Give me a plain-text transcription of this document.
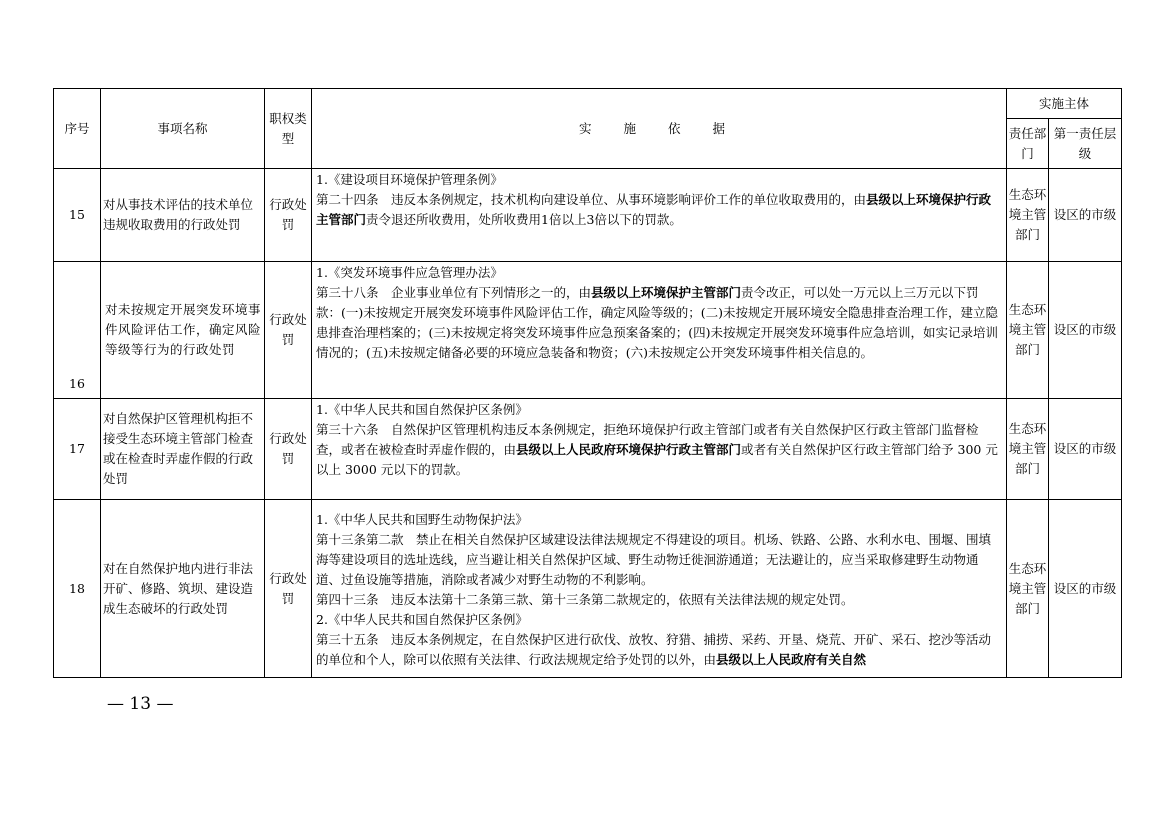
序号	事项名称	职权类型	实 施 依 据	实施主体	
				责任部门	第一责任层级
15	对从事技术评估的技术单位违规收取费用的行政处罚	行政处罚	1.《建设项目环境保护管理条例》
第二十四条　违反本条例规定，技术机构向建设单位、从事环境影响评价工作的单位收取费用的，由县级以上环境保护行政主管部门责令退还所收费用，处所收费用1倍以上3倍以下的罚款。	生态环境主管部门	设区的市级
16	对未按规定开展突发环境事件风险评估工作，确定风险等级等行为的行政处罚	行政处罚	1.《突发环境事件应急管理办法》
第三十八条　企业事业单位有下列情形之一的，由县级以上环境保护主管部门责令改正，可以处一万元以上三万元以下罚款：(一)未按规定开展突发环境事件风险评估工作，确定风险等级的；(二)未按规定开展环境安全隐患排查治理工作，建立隐患排查治理档案的；(三)未按规定将突发环境事件应急预案备案的；(四)未按规定开展突发环境事件应急培训，如实记录培训情况的；(五)未按规定储备必要的环境应急装备和物资；(六)未按规定公开突发环境事件相关信息的。	生态环境主管部门	设区的市级
17	对自然保护区管理机构拒不接受生态环境主管部门检查或在检查时弄虚作假的行政处罚	行政处罚	1.《中华人民共和国自然保护区条例》
第三十六条　自然保护区管理机构违反本条例规定，拒绝环境保护行政主管部门或者有关自然保护区行政主管部门监督检查，或者在被检查时弄虚作假的，由县级以上人民政府环境保护行政主管部门或者有关自然保护区行政主管部门给予 300 元以上 3000 元以下的罚款。	生态环境主管部门	设区的市级
18	对在自然保护地内进行非法开矿、修路、筑坝、建设造成生态破坏的行政处罚	行政处罚	1.《中华人民共和国野生动物保护法》
第十三条第二款　禁止在相关自然保护区域建设法律法规规定不得建设的项目。机场、铁路、公路、水利水电、围堰、围填海等建设项目的选址选线，应当避让相关自然保护区域、野生动物迁徙洄游通道；无法避让的，应当采取修建野生动物通道、过鱼设施等措施，消除或者减少对野生动物的不利影响。
第四十三条　违反本法第十二条第三款、第十三条第二款规定的，依照有关法律法规的规定处罚。
2.《中华人民共和国自然保护区条例》
第三十五条　违反本条例规定，在自然保护区进行砍伐、放牧、狩猎、捕捞、采药、开垦、烧荒、开矿、采石、挖沙等活动的单位和个人，除可以依照有关法律、行政法规规定给予处罚的以外，由县级以上人民政府有关自然	生态环境主管部门	设区的市级
— 13 —
